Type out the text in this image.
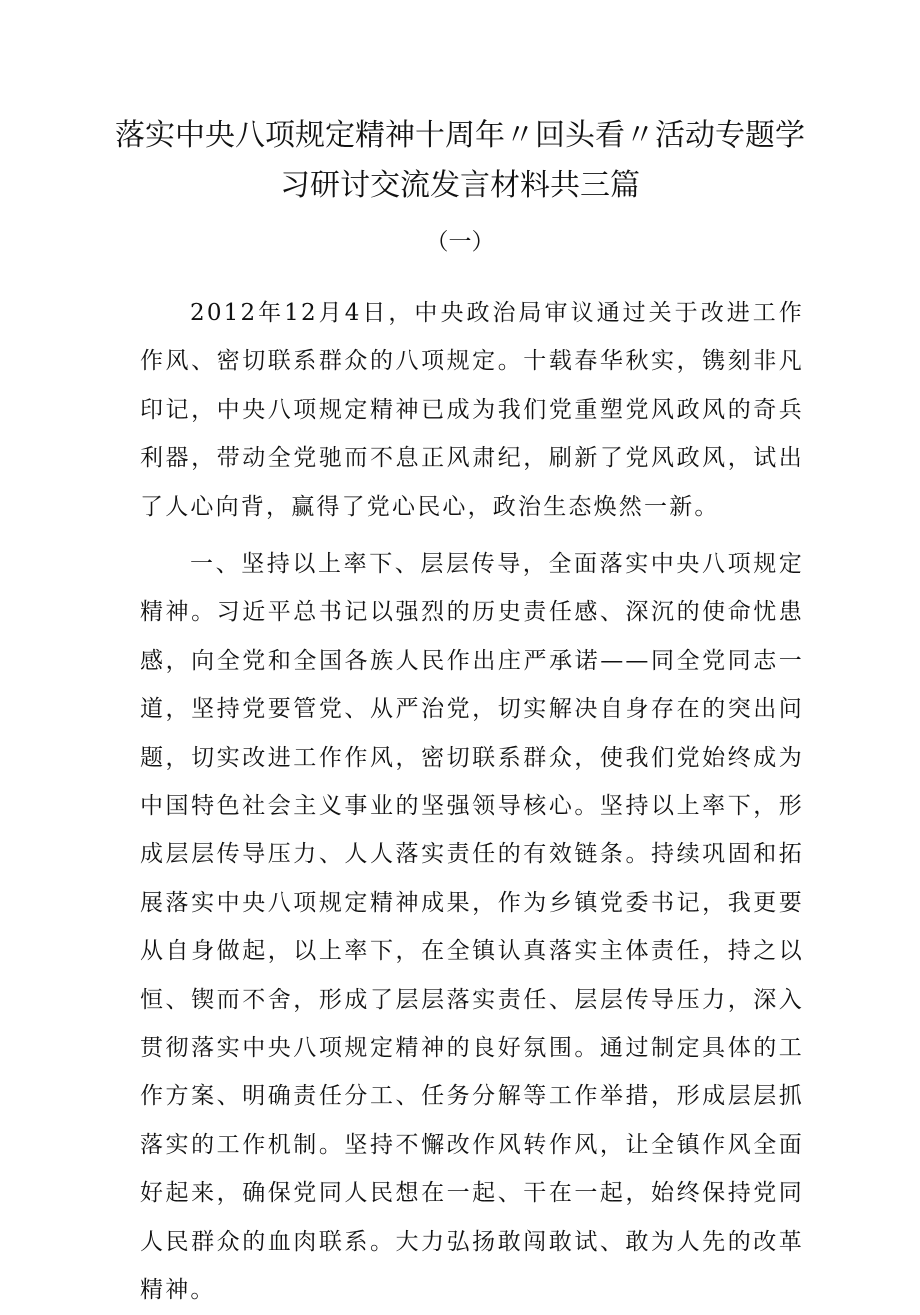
落实中央八项规定精神十周年〃回头看〃活动专题学
习研讨交流发言材料共三篇
（一）

2012年12月4日，中央政治局审议通过关于改进工作作风、密切联系群众的八项规定。十载春华秋实，镌刻非凡印记，中央八项规定精神已成为我们党重塑党风政风的奇兵利器，带动全党驰而不息正风肃纪，刷新了党风政风，试出了人心向背，赢得了党心民心，政治生态焕然一新。

一、坚持以上率下、层层传导，全面落实中央八项规定精神。习近平总书记以强烈的历史责任感、深沉的使命忧患感，向全党和全国各族人民作出庄严承诺——同全党同志一道，坚持党要管党、从严治党，切实解决自身存在的突出问题，切实改进工作作风，密切联系群众，使我们党始终成为中国特色社会主义事业的坚强领导核心。坚持以上率下，形成层层传导压力、人人落实责任的有效链条。持续巩固和拓展落实中央八项规定精神成果，作为乡镇党委书记，我更要从自身做起，以上率下，在全镇认真落实主体责任，持之以恒、锲而不舍，形成了层层落实责任、层层传导压力，深入贯彻落实中央八项规定精神的良好氛围。通过制定具体的工作方案、明确责任分工、任务分解等工作举措，形成层层抓落实的工作机制。坚持不懈改作风转作风，让全镇作风全面好起来，确保党同人民想在一起、干在一起，始终保持党同人民群众的血肉联系。大力弘扬敢闯敢试、敢为人先的改革精神。
